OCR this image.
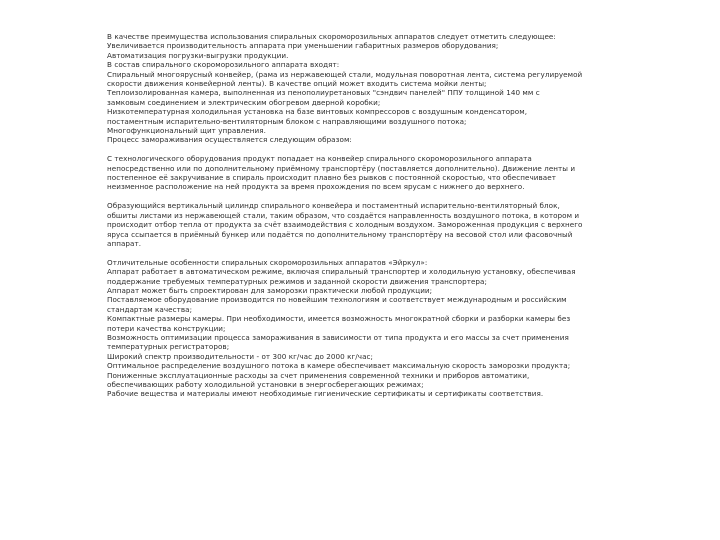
В качестве преимущества использования спиральных скороморозильных аппаратов следует отметить следующее:

Увеличивается производительность аппарата при уменьшении габаритных размеров оборудования;

Автоматизация погрузки-выгрузки продукции.

В состав спирального скороморозильного аппарата входят:

Спиральный многоярусный конвейер, (рама из нержавеющей стали, модульная поворотная лента, система регулируемой

скорости движения конвейерной ленты). В качестве опций может входить система мойки ленты;

Теплоизолированная камера, выполненная из пенополиуретановых "сэндвич панелей" ППУ толщиной 140 мм с

замковым соединением и электрическим обогревом дверной коробки;

Низкотемпературная холодильная установка на базе винтовых компрессоров с воздушным конденсатором,

постаментным испарительно-вентиляторным блоком с направляющими воздушного потока;

Многофункциональный щит управления.

Процесс замораживания осуществляется следующим образом:

С технологического оборудования продукт попадает на конвейер спирального скороморозильного аппарата

непосредственно или по дополнительному приёмному транспортёру (поставляется дополнительно). Движение ленты и

постепенное её закручивание в спираль происходит плавно без рывков с постоянной скоростью, что обеспечивает

неизменное расположение на ней продукта за время прохождения по всем ярусам с нижнего до верхнего.

Образующийся вертикальный цилиндр спирального конвейера и постаментный испарительно-вентиляторный блок,

обшиты листами из нержавеющей стали, таким образом, что создаётся направленность воздушного потока, в котором и

происходит отбор тепла от продукта за счёт взаимодействия с холодным воздухом. Замороженная продукция с верхнего

яруса ссыпается в приёмный бункер или подаётся по дополнительному транспортёру на весовой стол или фасовочный

аппарат.

Отличительные особенности спиральных скороморозильных аппаратов «Эйркул»:

Аппарат работает в автоматическом режиме, включая спиральный транспортер и холодильную установку, обеспечивая

поддержание требуемых температурных режимов и заданной скорости движения транспортера;

Аппарат может быть спроектирован для заморозки практически любой продукции;

Поставляемое оборудование производится по новейшим технологиям и соответствует международным и российским

стандартам качества;

Компактные размеры камеры. При необходимости, имеется возможность многократной сборки и разборки камеры без

потери качества конструкции;

Возможность оптимизации процесса замораживания в зависимости от типа продукта и его массы за счет применения

температурных регистраторов;

Широкий спектр производительности - от 300 кг/час до 2000 кг/час;

Оптимальное распределение воздушного потока в камере обеспечивает максимальную скорость заморозки продукта;

Пониженные эксплуатационные расходы за счет применения современной техники и приборов автоматики,

обеспечивающих работу холодильной установки в энергосберегающих режимах;

Рабочие вещества и материалы имеют необходимые гигиенические сертификаты и сертификаты соответствия.
